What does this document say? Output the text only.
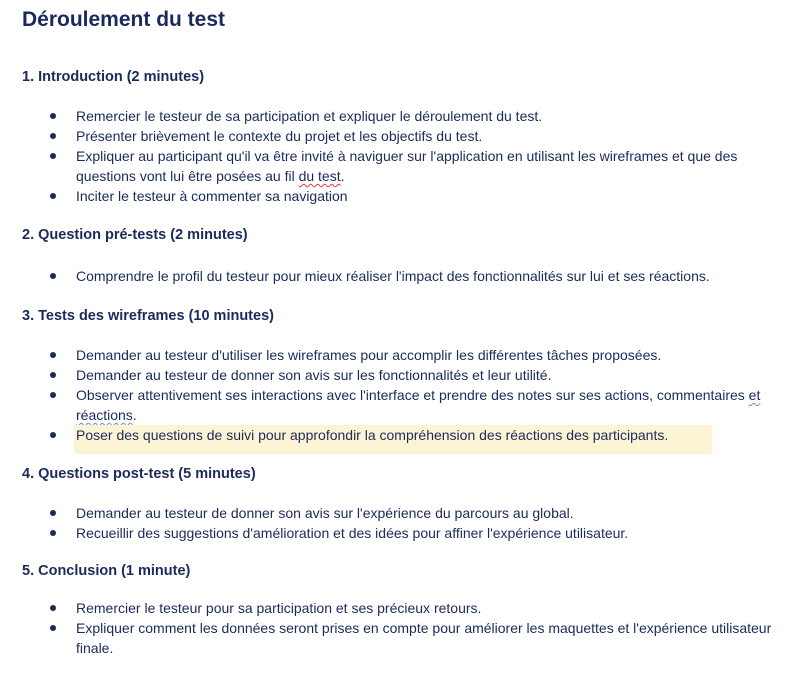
Déroulement du test
1. Introduction (2 minutes)
Remercier le testeur de sa participation et expliquer le déroulement du test.
Présenter brièvement le contexte du projet et les objectifs du test.
Expliquer au participant qu'il va être invité à naviguer sur l'application en utilisant les wireframes et que des questions vont lui être posées au fil du test.
Inciter le testeur à commenter sa navigation
2. Question pré-tests (2 minutes)
Comprendre le profil du testeur pour mieux réaliser l'impact des fonctionnalités sur lui et ses réactions.
3. Tests des wireframes (10 minutes)
Demander au testeur d'utiliser les wireframes pour accomplir les différentes tâches proposées.
Demander au testeur de donner son avis sur les fonctionnalités et leur utilité.
Observer attentivement ses interactions avec l'interface et prendre des notes sur ses actions, commentaires et réactions.
Poser des questions de suivi pour approfondir la compréhension des réactions des participants.
4. Questions post-test (5 minutes)
Demander au testeur de donner son avis sur l'expérience du parcours au global.
Recueillir des suggestions d'amélioration et des idées pour affiner l'expérience utilisateur.
5. Conclusion (1 minute)
Remercier le testeur pour sa participation et ses précieux retours.
Expliquer comment les données seront prises en compte pour améliorer les maquettes et l'expérience utilisateur finale.
